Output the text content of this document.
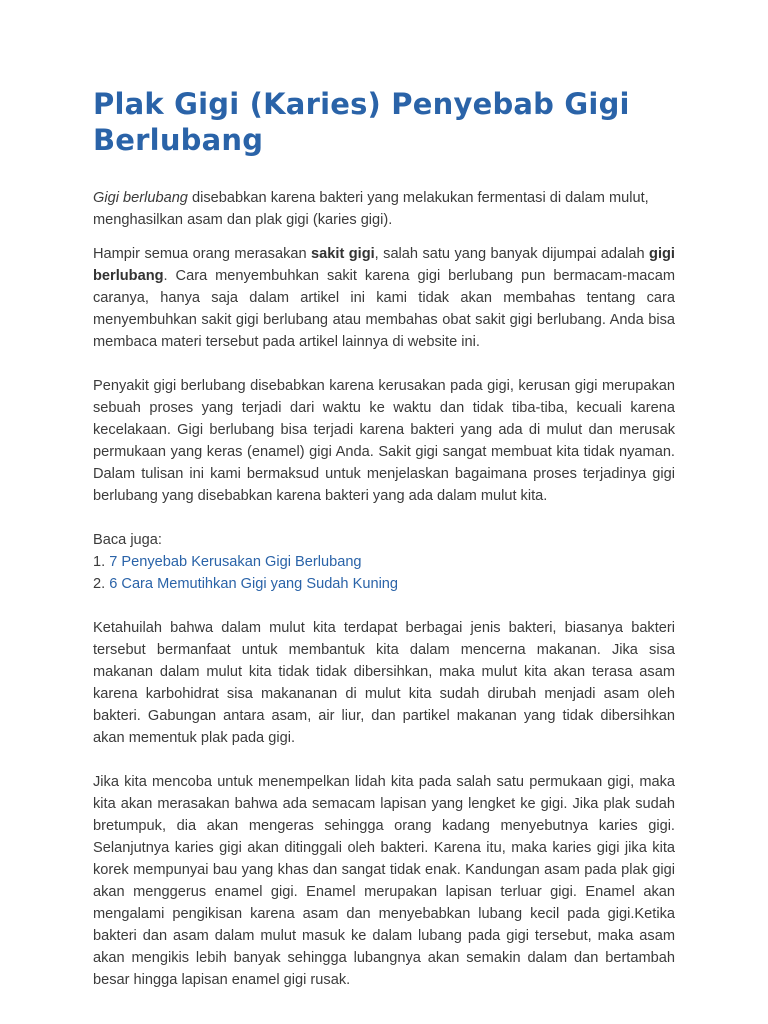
Plak Gigi (Karies) Penyebab Gigi Berlubang

Gigi berlubang disebabkan karena bakteri yang melakukan fermentasi di dalam mulut, menghasilkan asam dan plak gigi (karies gigi).

Hampir semua orang merasakan sakit gigi, salah satu yang banyak dijumpai adalah gigi berlubang. Cara menyembuhkan sakit karena gigi berlubang pun bermacam-macam caranya, hanya saja dalam artikel ini kami tidak akan membahas tentang cara menyembuhkan sakit gigi berlubang atau membahas obat sakit gigi berlubang. Anda bisa membaca materi tersebut pada artikel lainnya di website ini.

Penyakit gigi berlubang disebabkan karena kerusakan pada gigi, kerusan gigi merupakan sebuah proses yang terjadi dari waktu ke waktu dan tidak tiba-tiba, kecuali karena kecelakaan. Gigi berlubang bisa terjadi karena bakteri yang ada di mulut dan merusak permukaan yang keras (enamel) gigi Anda. Sakit gigi sangat membuat kita tidak nyaman. Dalam tulisan ini kami bermaksud untuk menjelaskan bagaimana proses terjadinya gigi berlubang yang disebabkan karena bakteri yang ada dalam mulut kita.

Baca juga:
1. 7 Penyebab Kerusakan Gigi Berlubang
2. 6 Cara Memutihkan Gigi yang Sudah Kuning

Ketahuilah bahwa dalam mulut kita terdapat berbagai jenis bakteri, biasanya bakteri tersebut bermanfaat untuk membantuk kita dalam mencerna makanan. Jika sisa makanan dalam mulut kita tidak tidak dibersihkan, maka mulut kita akan terasa asam karena karbohidrat sisa makananan di mulut kita sudah dirubah menjadi asam oleh bakteri. Gabungan antara asam, air liur, dan partikel makanan yang tidak dibersihkan akan mementuk plak pada gigi.

Jika kita mencoba untuk menempelkan lidah kita pada salah satu permukaan gigi, maka kita akan merasakan bahwa ada semacam lapisan yang lengket ke gigi. Jika plak sudah bretumpuk, dia akan mengeras sehingga orang kadang menyebutnya karies gigi. Selanjutnya karies gigi akan ditinggali oleh bakteri. Karena itu, maka karies gigi jika kita korek mempunyai bau yang khas dan sangat tidak enak. Kandungan asam pada plak gigi akan menggerus enamel gigi. Enamel merupakan lapisan terluar gigi. Enamel akan mengalami pengikisan karena asam dan menyebabkan lubang kecil pada gigi.Ketika bakteri dan asam dalam mulut masuk ke dalam lubang pada gigi tersebut, maka asam akan mengikis lebih banyak sehingga lubangnya akan semakin dalam dan bertambah besar hingga lapisan enamel gigi rusak.
